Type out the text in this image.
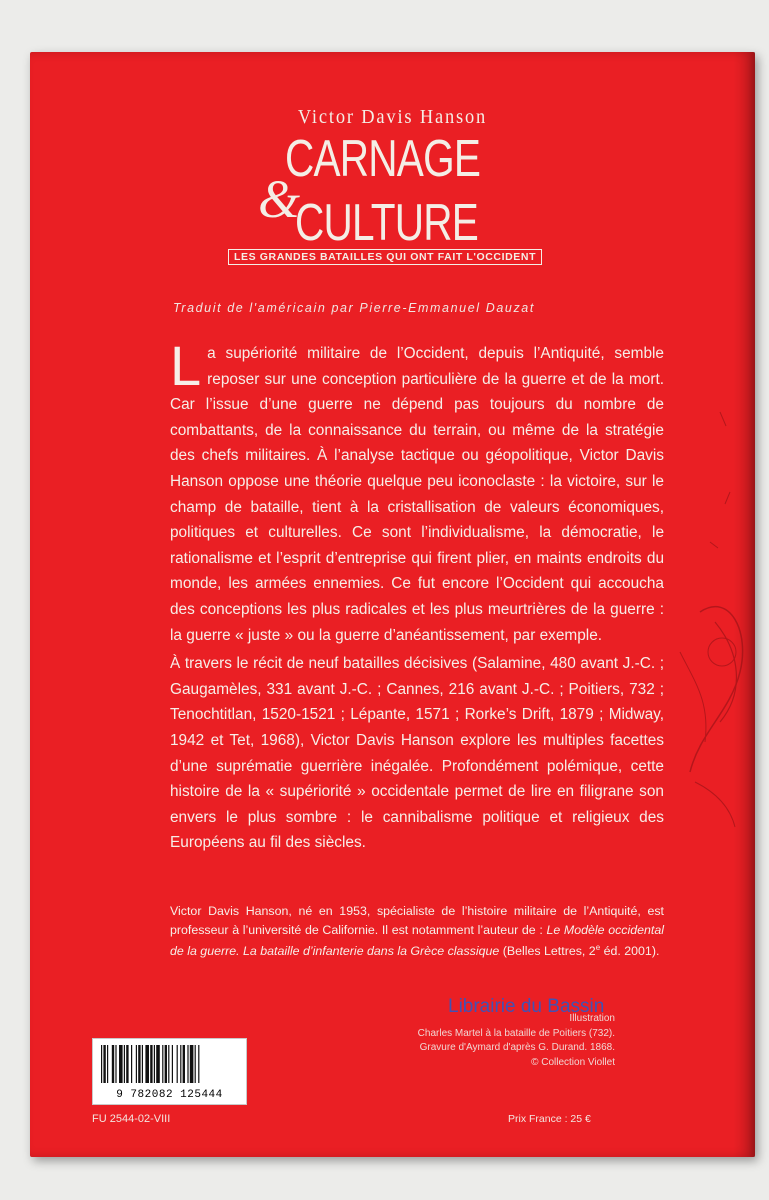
Victor Davis Hanson
CARNAGE
&
CULTURE
LES GRANDES BATAILLES QUI ONT FAIT L'OCCIDENT
Traduit de l'américain par Pierre-Emmanuel Dauzat

La supériorité militaire de l’Occident, depuis l’Antiquité, semble reposer sur une conception particulière de la guerre et de la mort. Car l’issue d’une guerre ne dépend pas toujours du nombre de combattants, de la connaissance du terrain, ou même de la stratégie des chefs militaires. À l’analyse tactique ou géopolitique, Victor Davis Hanson oppose une théorie quelque peu iconoclaste : la victoire, sur le champ de bataille, tient à la cristallisation de valeurs économiques, politiques et culturelles. Ce sont l’individualisme, la démocratie, le rationalisme et l’esprit d’entreprise qui firent plier, en maints endroits du monde, les armées ennemies. Ce fut encore l’Occident qui accoucha des conceptions les plus radicales et les plus meurtrières de la guerre : la guerre « juste » ou la guerre d’anéantissement, par exemple.

À travers le récit de neuf batailles décisives (Salamine, 480 avant J.-C. ; Gaugamèles, 331 avant J.-C. ; Cannes, 216 avant J.-C. ; Poitiers, 732 ; Tenochtitlan, 1520-1521 ; Lépante, 1571 ; Rorke’s Drift, 1879 ; Midway, 1942 et Tet, 1968), Victor Davis Hanson explore les multiples facettes d’une suprématie guerrière inégalée. Profondément polémique, cette histoire de la « supériorité » occidentale permet de lire en filigrane son envers le plus sombre : le cannibalisme politique et religieux des Européens au fil des siècles.

Victor Davis Hanson, né en 1953, spécialiste de l’histoire militaire de l’Antiquité, est professeur à l’université de Californie. Il est notamment l’auteur de : Le Modèle occidental de la guerre. La bataille d’infanterie dans la Grèce classique (Belles Lettres, 2e éd. 2001).
Illustration
Charles Martel à la bataille de Poitiers (732).
Gravure d'Aymard d'après G. Durand. 1868.
© Collection Viollet
Librairie du Bassin
9 782082 125444
FU 2544-02-VIII	Prix France : 25 €
